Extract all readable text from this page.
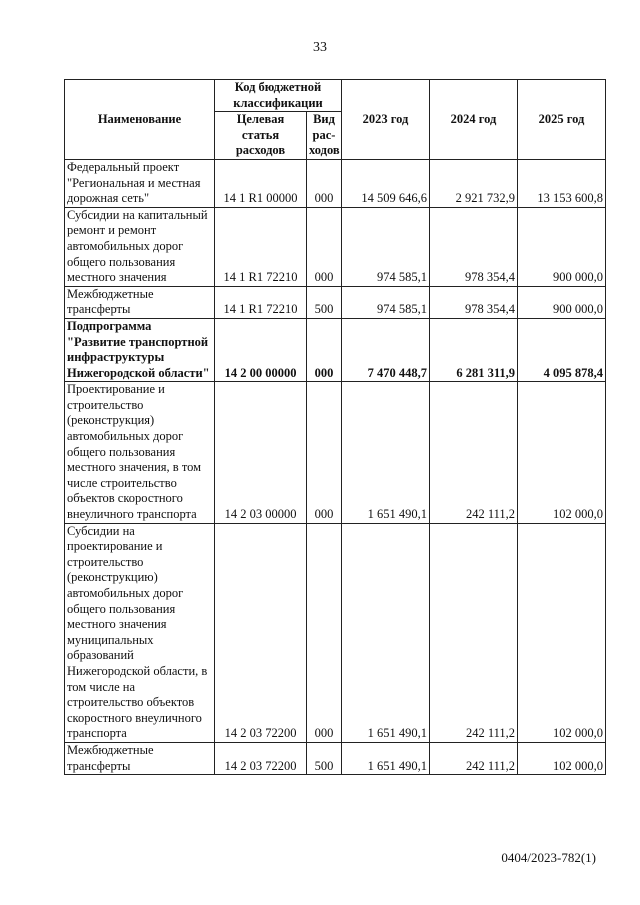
33
Наименование	Код бюджетной классификации		2023 год	2024 год	2025 год
	Целевая статья расходов	Вид рас-ходов			
Федеральный проект "Региональная и местная дорожная сеть"	14 1 R1 00000	000	14 509 646,6	2 921 732,9	13 153 600,8
Субсидии на капитальный ремонт и ремонт автомобильных дорог общего пользования местного значения	14 1 R1 72210	000	974 585,1	978 354,4	900 000,0
Межбюджетные трансферты	14 1 R1 72210	500	974 585,1	978 354,4	900 000,0
Подпрограмма "Развитие транспортной инфраструктуры Нижегородской области"	14 2 00 00000	000	7 470 448,7	6 281 311,9	4 095 878,4
Проектирование и строительство (реконструкция) автомобильных дорог общего пользования местного значения, в том числе строительство объектов скоростного внеуличного транспорта	14 2 03 00000	000	1 651 490,1	242 111,2	102 000,0
Субсидии на проектирование и строительство (реконструкцию) автомобильных дорог общего пользования местного значения муниципальных образований Нижегородской области, в том числе на строительство объектов скоростного внеуличного транспорта	14 2 03 72200	000	1 651 490,1	242 111,2	102 000,0
Межбюджетные трансферты	14 2 03 72200	500	1 651 490,1	242 111,2	102 000,0
0404/2023-782(1)
